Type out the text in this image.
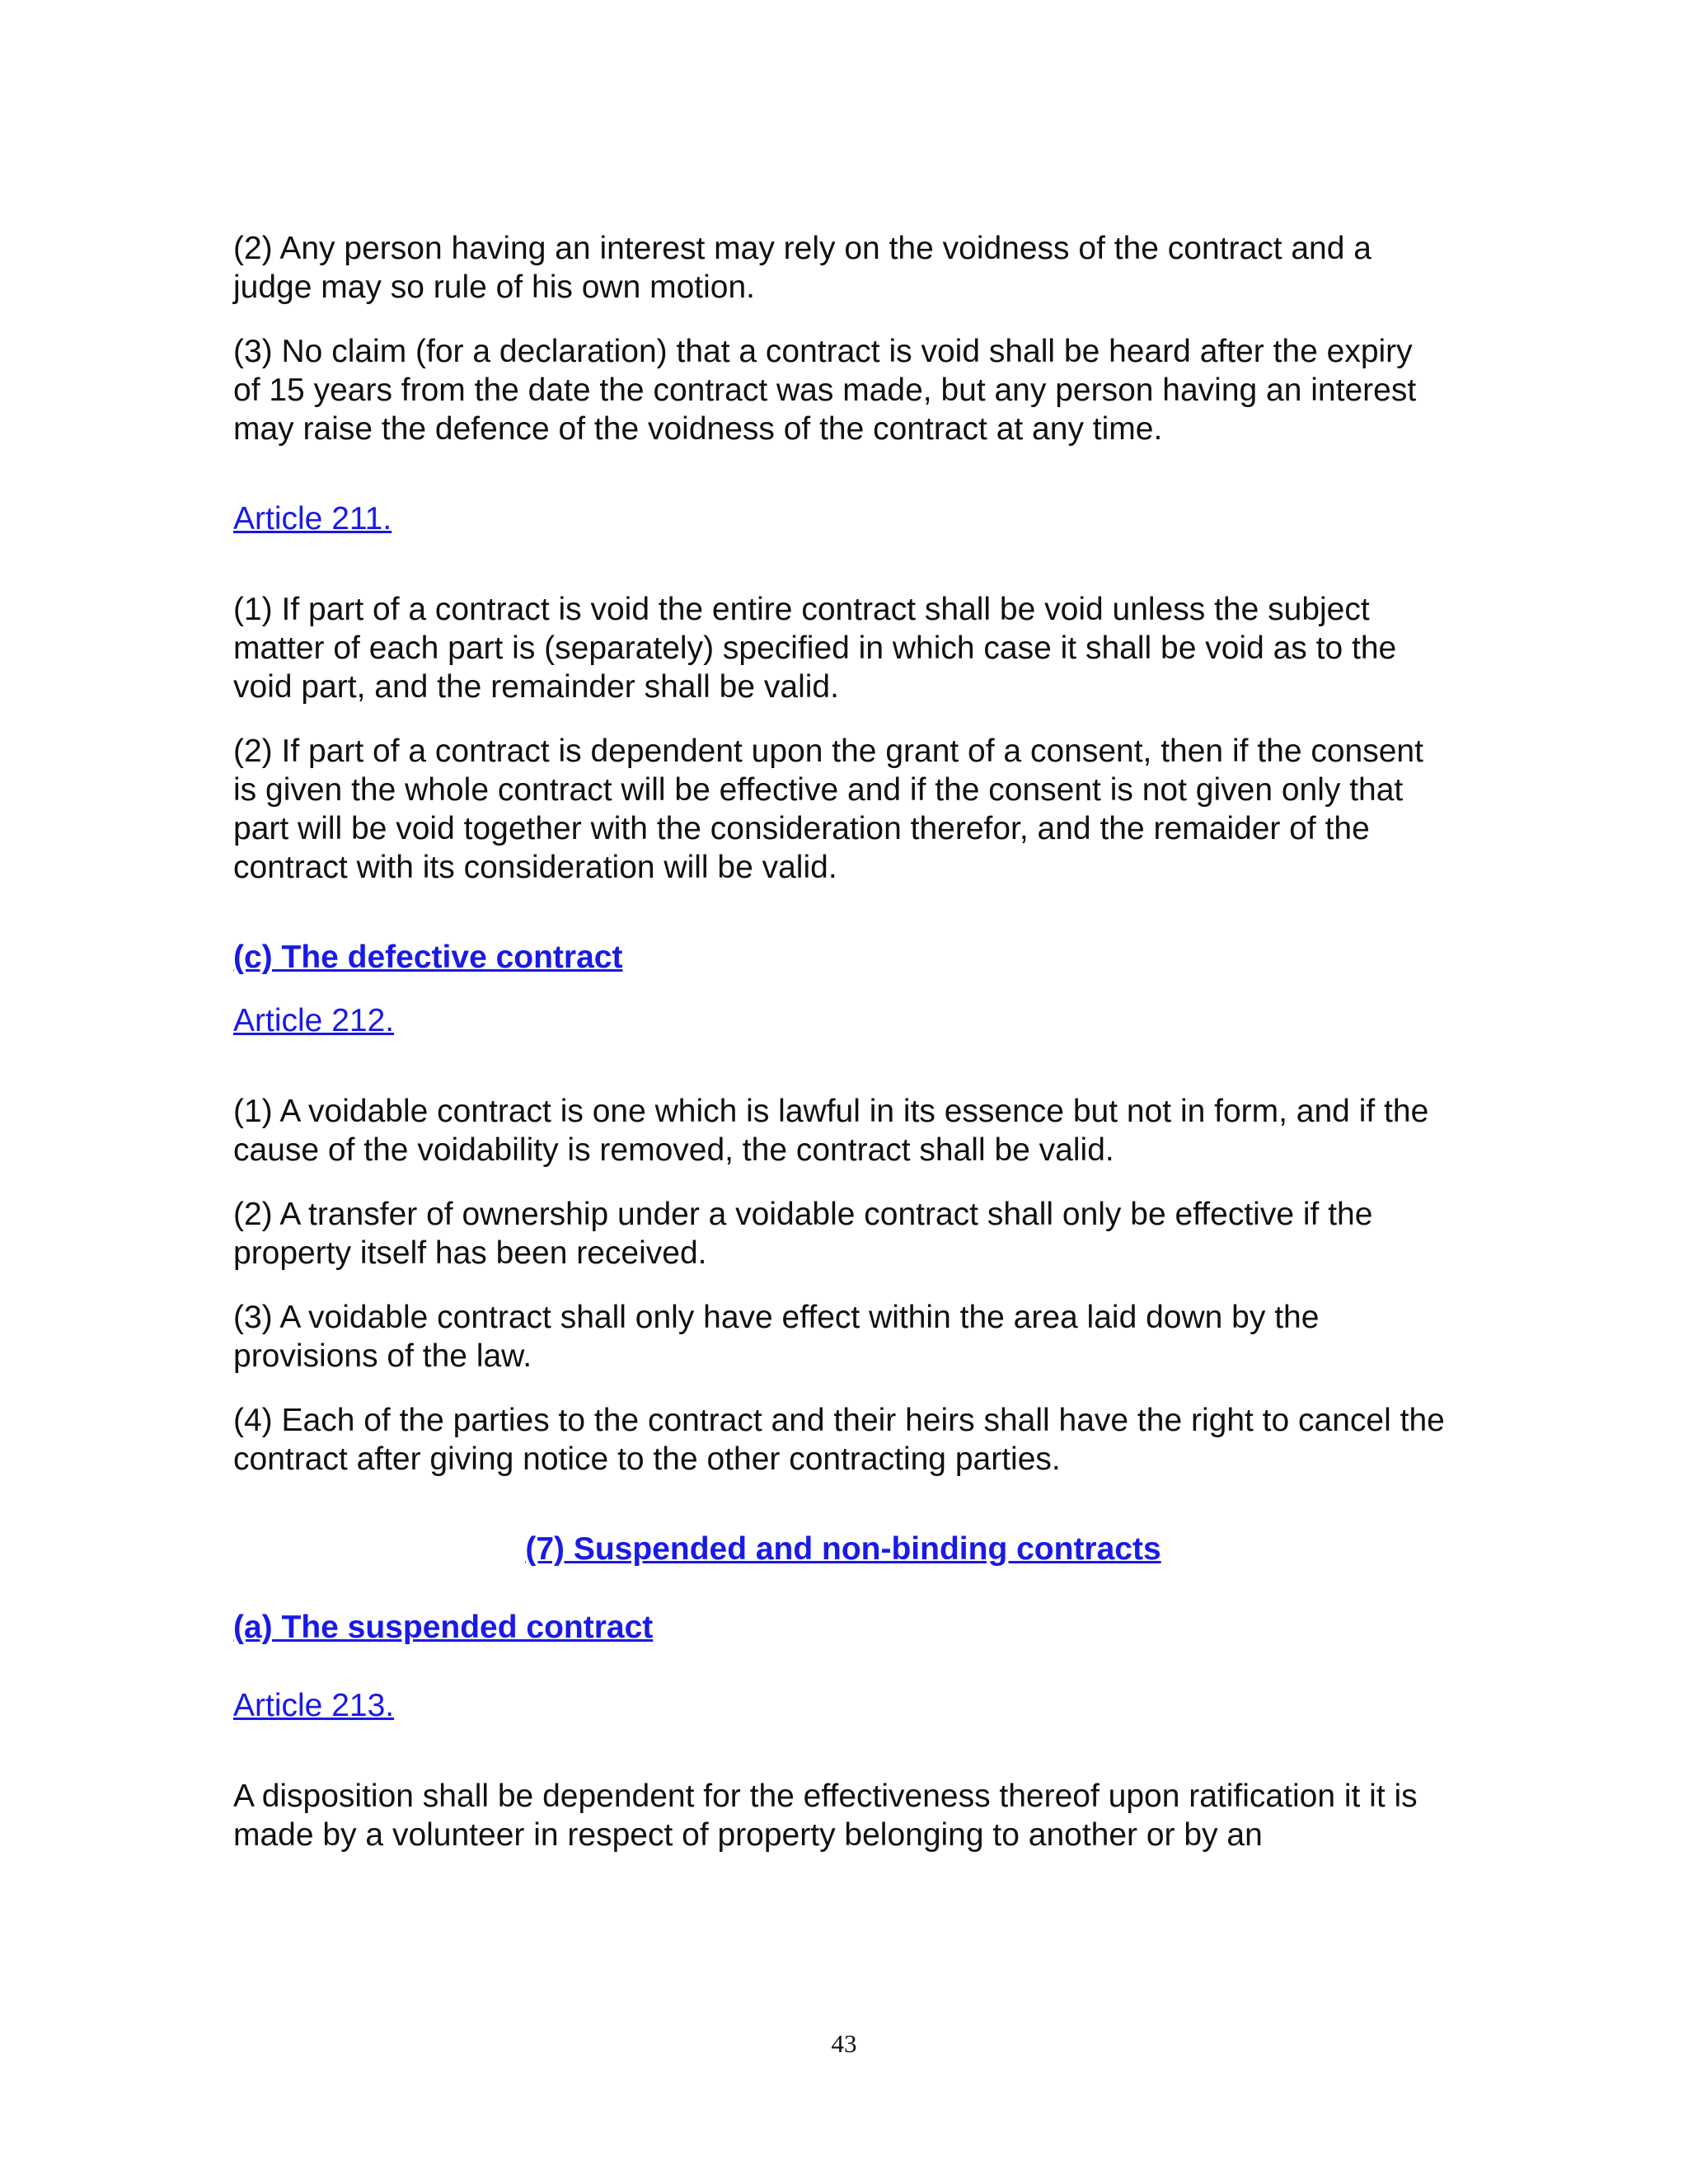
(2) Any person having an interest may rely on the voidness of the contract and a judge may so rule of his own motion.

(3) No claim (for a declaration) that a contract is void shall be heard after the expiry of 15 years from the date the contract was made, but any person having an interest may raise the defence of the voidness of the contract at any time.

Article 211.

(1) If part of a contract is void the entire contract shall be void unless the subject matter of each part is (separately) specified in which case it shall be void as to the void part, and the remainder shall be valid.

(2) If part of a contract is dependent upon the grant of a consent, then if the consent is given the whole contract will be effective and if the consent is not given only that part will be void together with the consideration therefor, and the remaider of the contract with its consideration will be valid.

(c) The defective contract
Article 212.

(1) A voidable contract is one which is lawful in its essence but not in form, and if the cause of the voidability is removed, the contract shall be valid.

(2) A transfer of ownership under a voidable contract shall only be effective if the property itself has been received.

(3) A voidable contract shall only have effect within the area laid down by the provisions of the law.

(4) Each of the parties to the contract and their heirs shall have the right to cancel the contract after giving notice to the other contracting parties.

(7) Suspended and non-binding contracts
(a) The suspended contract
Article 213.

A disposition shall be dependent for the effectiveness thereof upon ratification it it is made by a volunteer in respect of property belonging to another or by an

43
